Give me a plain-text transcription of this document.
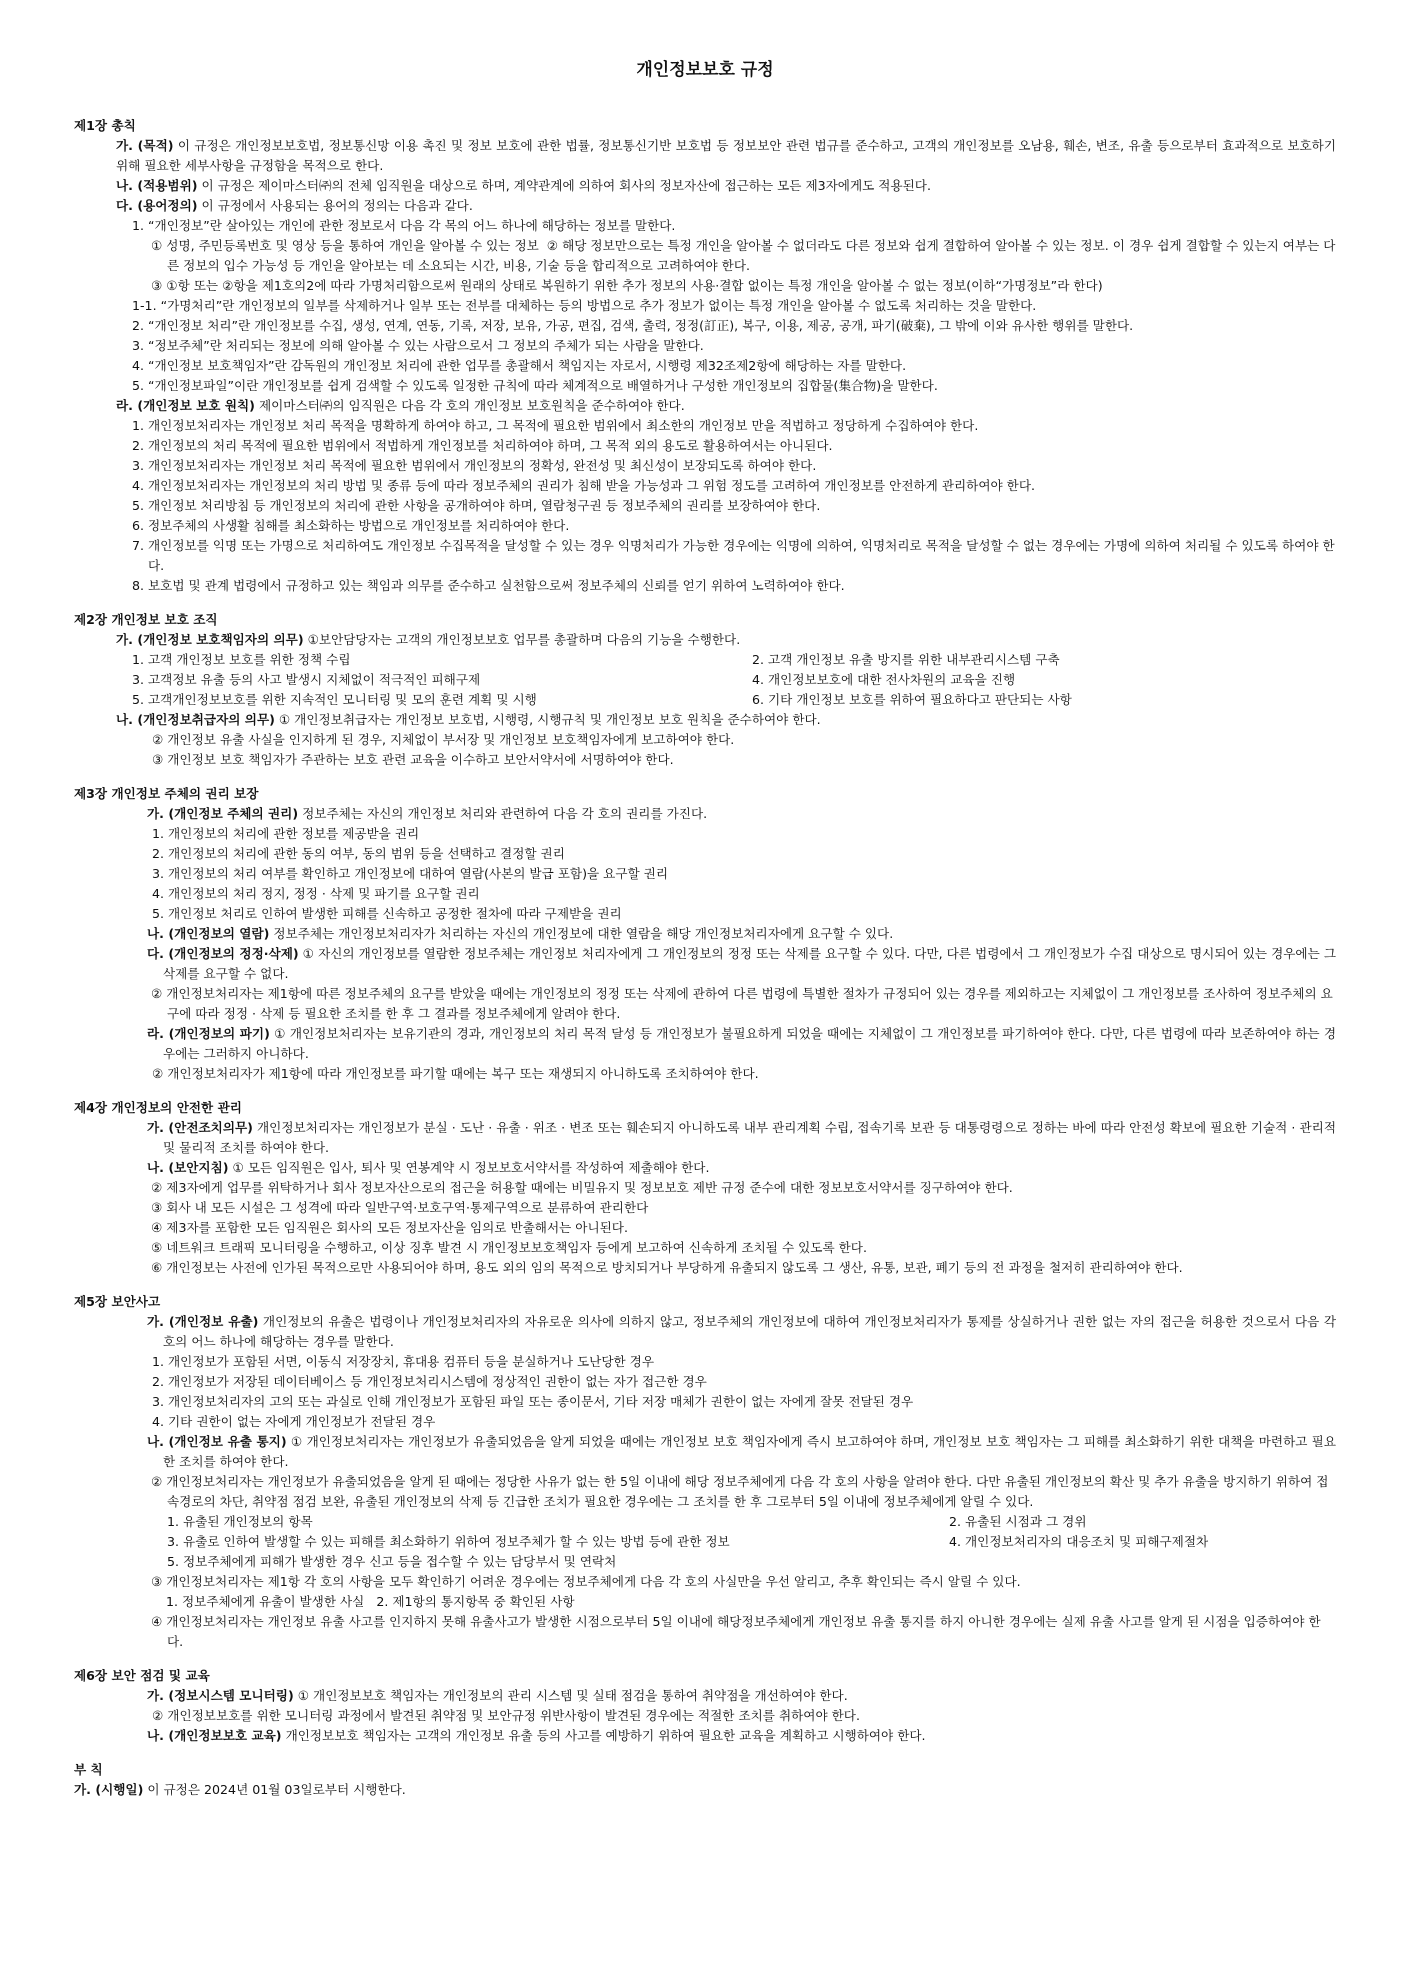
개인정보보호 규정
제1장 총칙
가. (목적) 이 규정은 개인정보보호법, 정보통신망 이용 촉진 및 정보 보호에 관한 법률, 정보통신기반 보호법 등 정보보안 관련 법규를 준수하고, 고객의 개인정보를 오남용, 훼손, 변조, 유출 등으로부터 효과적으로 보호하기 위해 필요한 세부사항을 규정함을 목적으로 한다.
나. (적용범위) 이 규정은 제이마스터㈜의 전체 임직원을 대상으로 하며, 계약관계에 의하여 회사의 정보자산에 접근하는 모든 제3자에게도 적용된다.
다. (용어정의) 이 규정에서 사용되는 용어의 정의는 다음과 같다.
1. “개인정보”란 살아있는 개인에 관한 정보로서 다음 각 목의 어느 하나에 해당하는 정보를 말한다.
① 성명, 주민등록번호 및 영상 등을 통하여 개인을 알아볼 수 있는 정보  ② 해당 정보만으로는 특정 개인을 알아볼 수 없더라도 다른 정보와 쉽게 결합하여 알아볼 수 있는 정보. 이 경우 쉽게 결합할 수 있는지 여부는 다른 정보의 입수 가능성 등 개인을 알아보는 데 소요되는 시간, 비용, 기술 등을 합리적으로 고려하여야 한다.
③ ①항 또는 ②항을 제1호의2에 따라 가명처리함으로써 원래의 상태로 복원하기 위한 추가 정보의 사용·결합 없이는 특정 개인을 알아볼 수 없는 정보(이하“가명정보”라 한다)
1-1. “가명처리”란 개인정보의 일부를 삭제하거나 일부 또는 전부를 대체하는 등의 방법으로 추가 정보가 없이는 특정 개인을 알아볼 수 없도록 처리하는 것을 말한다.
2. “개인정보 처리”란 개인정보를 수집, 생성, 연계, 연동, 기록, 저장, 보유, 가공, 편집, 검색, 출력, 정정(訂正), 복구, 이용, 제공, 공개, 파기(破棄), 그 밖에 이와 유사한 행위를 말한다.
3. “정보주체”란 처리되는 정보에 의해 알아볼 수 있는 사람으로서 그 정보의 주체가 되는 사람을 말한다.
4. “개인정보 보호책임자”란 감독원의 개인정보 처리에 관한 업무를 총괄해서 책임지는 자로서, 시행령 제32조제2항에 해당하는 자를 말한다.
5. “개인정보파일”이란 개인정보를 쉽게 검색할 수 있도록 일정한 규칙에 따라 체계적으로 배열하거나 구성한 개인정보의 집합물(集合物)을 말한다.
라. (개인정보 보호 원칙) 제이마스터㈜의 임직원은 다음 각 호의 개인정보 보호원칙을 준수하여야 한다.
1. 개인정보처리자는 개인정보 처리 목적을 명확하게 하여야 하고, 그 목적에 필요한 범위에서 최소한의 개인정보 만을 적법하고 정당하게 수집하여야 한다.
2. 개인정보의 처리 목적에 필요한 범위에서 적법하게 개인정보를 처리하여야 하며, 그 목적 외의 용도로 활용하여서는 아니된다.
3. 개인정보처리자는 개인정보 처리 목적에 필요한 범위에서 개인정보의 정확성, 완전성 및 최신성이 보장되도록 하여야 한다.
4. 개인정보처리자는 개인정보의 처리 방법 및 종류 등에 따라 정보주체의 권리가 침해 받을 가능성과 그 위험 정도를 고려하여 개인정보를 안전하게 관리하여야 한다.
5. 개인정보 처리방침 등 개인정보의 처리에 관한 사항을 공개하여야 하며, 열람청구권 등 정보주체의 권리를 보장하여야 한다.
6. 정보주체의 사생활 침해를 최소화하는 방법으로 개인정보를 처리하여야 한다.
7. 개인정보를 익명 또는 가명으로 처리하여도 개인정보 수집목적을 달성할 수 있는 경우 익명처리가 가능한 경우에는 익명에 의하여, 익명처리로 목적을 달성할 수 없는 경우에는 가명에 의하여 처리될 수 있도록 하여야 한다.
8. 보호법 및 관계 법령에서 규정하고 있는 책임과 의무를 준수하고 실천함으로써 정보주체의 신뢰를 얻기 위하여 노력하여야 한다.
제2장 개인정보 보호 조직
가. (개인정보 보호책임자의 의무) ①보안담당자는 고객의 개인정보보호 업무를 총괄하며 다음의 기능을 수행한다.
1. 고객 개인정보 보호를 위한 정책 수립	2. 고객 개인정보 유출 방지를 위한 내부관리시스템 구축
3. 고객정보 유출 등의 사고 발생시 지체없이 적극적인 피해구제	4. 개인정보보호에 대한 전사차원의 교육을 진행
5. 고객개인정보보호를 위한 지속적인 모니터링 및 모의 훈련 계획 및 시행	6. 기타 개인정보 보호를 위하여 필요하다고 판단되는 사항
나. (개인정보취급자의 의무) ① 개인정보취급자는 개인정보 보호법, 시행령, 시행규칙 및 개인정보 보호 원칙을 준수하여야 한다.
② 개인정보 유출 사실을 인지하게 된 경우, 지체없이 부서장 및 개인정보 보호책임자에게 보고하여야 한다.
③ 개인정보 보호 책임자가 주관하는 보호 관련 교육을 이수하고 보안서약서에 서명하여야 한다.
제3장 개인정보 주체의 권리 보장
가. (개인정보 주체의 권리) 정보주체는 자신의 개인정보 처리와 관련하여 다음 각 호의 권리를 가진다.
1. 개인정보의 처리에 관한 정보를 제공받을 권리
2. 개인정보의 처리에 관한 동의 여부, 동의 범위 등을 선택하고 결정할 권리
3. 개인정보의 처리 여부를 확인하고 개인정보에 대하여 열람(사본의 발급 포함)을 요구할 권리
4. 개인정보의 처리 정지, 정정 · 삭제 및 파기를 요구할 권리
5. 개인정보 처리로 인하여 발생한 피해를 신속하고 공정한 절차에 따라 구제받을 권리
나. (개인정보의 열람) 정보주체는 개인정보처리자가 처리하는 자신의 개인정보에 대한 열람을 해당 개인정보처리자에게 요구할 수 있다.
다. (개인정보의 정정·삭제) ① 자신의 개인정보를 열람한 정보주체는 개인정보 처리자에게 그 개인정보의 정정 또는 삭제를 요구할 수 있다. 다만, 다른 법령에서 그 개인정보가 수집 대상으로 명시되어 있는 경우에는 그 삭제를 요구할 수 없다.
② 개인정보처리자는 제1항에 따른 정보주체의 요구를 받았을 때에는 개인정보의 정정 또는 삭제에 관하여 다른 법령에 특별한 절차가 규정되어 있는 경우를 제외하고는 지체없이 그 개인정보를 조사하여 정보주체의 요구에 따라 정정 · 삭제 등 필요한 조치를 한 후 그 결과를 정보주체에게 알려야 한다.
라. (개인정보의 파기) ① 개인정보처리자는 보유기관의 경과, 개인정보의 처리 목적 달성 등 개인정보가 불필요하게 되었을 때에는 지체없이 그 개인정보를 파기하여야 한다. 다만, 다른 법령에 따라 보존하여야 하는 경우에는 그러하지 아니하다.
② 개인정보처리자가 제1항에 따라 개인정보를 파기할 때에는 복구 또는 재생되지 아니하도록 조치하여야 한다.
제4장 개인정보의 안전한 관리
가. (안전조치의무) 개인정보처리자는 개인정보가 분실 · 도난 · 유출 · 위조 · 변조 또는 훼손되지 아니하도록 내부 관리계획 수립, 접속기록 보관 등 대통령령으로 정하는 바에 따라 안전성 확보에 필요한 기술적 · 관리적 및 물리적 조치를 하여야 한다.
나. (보안지침) ① 모든 임직원은 입사, 퇴사 및 연봉계약 시 정보보호서약서를 작성하여 제출해야 한다.
② 제3자에게 업무를 위탁하거나 회사 정보자산으로의 접근을 허용할 때에는 비밀유지 및 정보보호 제반 규정 준수에 대한 정보보호서약서를 징구하여야 한다.
③ 회사 내 모든 시설은 그 성격에 따라 일반구역·보호구역·통제구역으로 분류하여 관리한다
④ 제3자를 포함한 모든 임직원은 회사의 모든 정보자산을 임의로 반출해서는 아니된다.
⑤ 네트워크 트래픽 모니터링을 수행하고, 이상 징후 발견 시 개인정보보호책임자 등에게 보고하여 신속하게 조치될 수 있도록 한다.
⑥ 개인정보는 사전에 인가된 목적으로만 사용되어야 하며, 용도 외의 임의 목적으로 방치되거나 부당하게 유출되지 않도록 그 생산, 유통, 보관, 폐기 등의 전 과정을 철저히 관리하여야 한다.
제5장 보안사고
가. (개인정보 유출) 개인정보의 유출은 법령이나 개인정보처리자의 자유로운 의사에 의하지 않고, 정보주체의 개인정보에 대하여 개인정보처리자가 통제를 상실하거나 권한 없는 자의 접근을 허용한 것으로서 다음 각 호의 어느 하나에 해당하는 경우를 말한다.
1. 개인정보가 포함된 서면, 이동식 저장장치, 휴대용 컴퓨터 등을 분실하거나 도난당한 경우
2. 개인정보가 저장된 데이터베이스 등 개인정보처리시스템에 정상적인 권한이 없는 자가 접근한 경우
3. 개인정보처리자의 고의 또는 과실로 인해 개인정보가 포함된 파일 또는 종이문서, 기타 저장 매체가 권한이 없는 자에게 잘못 전달된 경우
4. 기타 권한이 없는 자에게 개인정보가 전달된 경우
나. (개인정보 유출 통지) ① 개인정보처리자는 개인정보가 유출되었음을 알게 되었을 때에는 개인정보 보호 책임자에게 즉시 보고하여야 하며, 개인정보 보호 책임자는 그 피해를 최소화하기 위한 대책을 마련하고 필요한 조치를 하여야 한다.
② 개인정보처리자는 개인정보가 유출되었음을 알게 된 때에는 정당한 사유가 없는 한 5일 이내에 해당 정보주체에게 다음 각 호의 사항을 알려야 한다. 다만 유출된 개인정보의 확산 및 추가 유출을 방지하기 위하여 접속경로의 차단, 취약점 점검 보완, 유출된 개인정보의 삭제 등 긴급한 조치가 필요한 경우에는 그 조치를 한 후 그로부터 5일 이내에 정보주체에게 알릴 수 있다.
1. 유출된 개인정보의 항목	2. 유출된 시점과 그 경위
3. 유출로 인하여 발생할 수 있는 피해를 최소화하기 위하여 정보주체가 할 수 있는 방법 등에 관한 정보	4. 개인정보처리자의 대응조치 및 피해구제절차
5. 정보주체에게 피해가 발생한 경우 신고 등을 접수할 수 있는 담당부서 및 연락처
③ 개인정보처리자는 제1항 각 호의 사항을 모두 확인하기 어려운 경우에는 정보주체에게 다음 각 호의 사실만을 우선 알리고, 추후 확인되는 즉시 알릴 수 있다.
1. 정보주체에게 유출이 발생한 사실   2. 제1항의 통지항목 중 확인된 사항
④ 개인정보처리자는 개인정보 유출 사고를 인지하지 못해 유출사고가 발생한 시점으로부터 5일 이내에 해당정보주체에게 개인정보 유출 통지를 하지 아니한 경우에는 실제 유출 사고를 알게 된 시점을 입증하여야 한다.
제6장 보안 점검 및 교육
가. (정보시스템 모니터링) ① 개인정보보호 책임자는 개인정보의 관리 시스템 및 실태 점검을 통하여 취약점을 개선하여야 한다.
② 개인정보보호를 위한 모니터링 과정에서 발견된 취약점 및 보안규정 위반사항이 발견된 경우에는 적절한 조치를 취하여야 한다.
나. (개인정보보호 교육) 개인정보보호 책임자는 고객의 개인정보 유출 등의 사고를 예방하기 위하여 필요한 교육을 계획하고 시행하여야 한다.
부 칙
가. (시행일) 이 규정은 2024년 01월 03일로부터 시행한다.
